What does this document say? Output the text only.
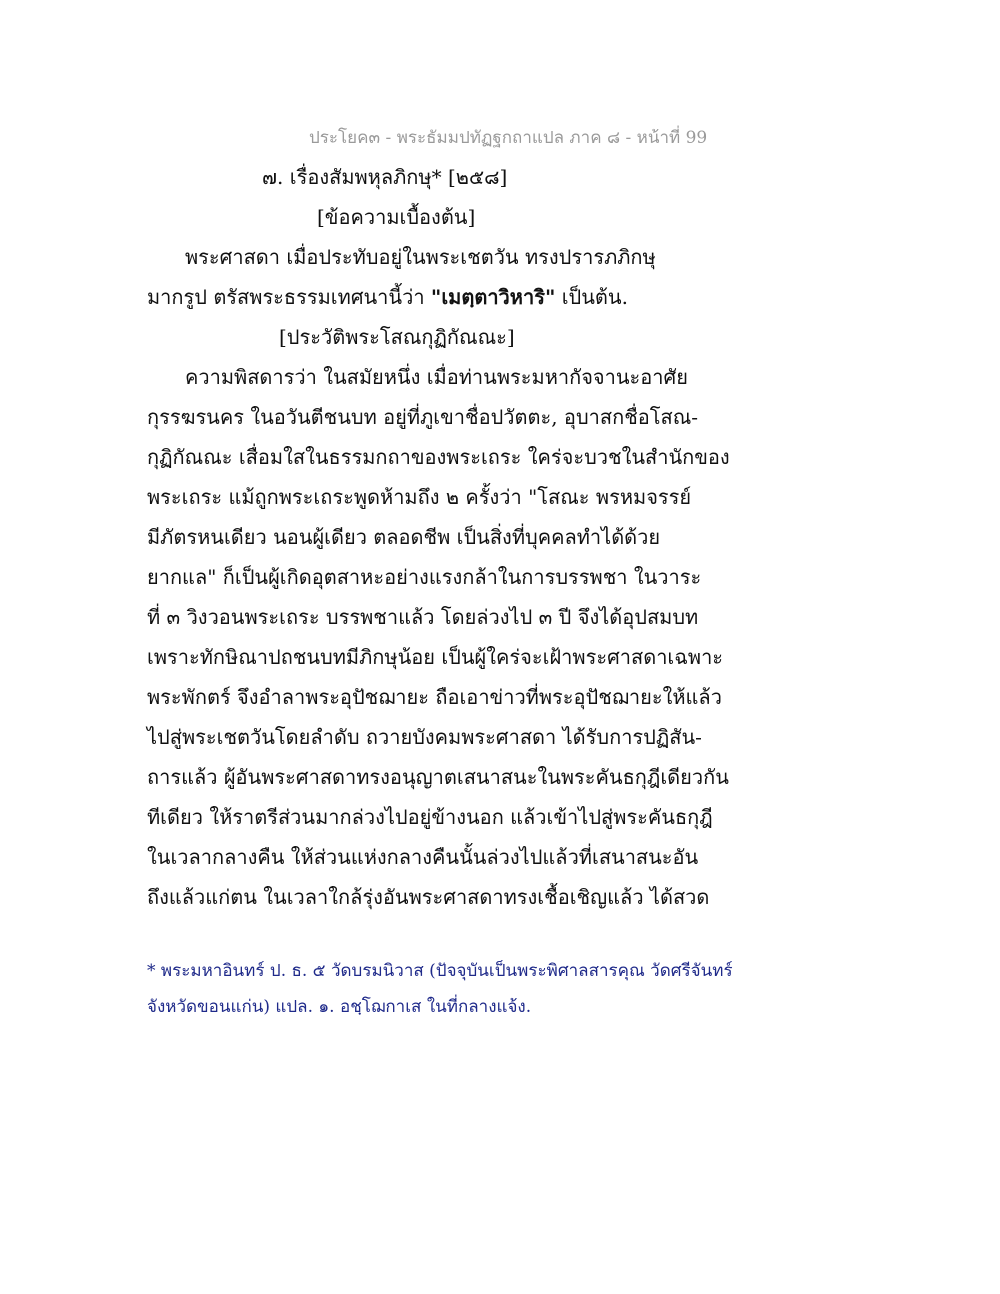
ประโยค๓ - พระธัมมปทัฏฐกถาแปล ภาค ๘ - หน้าที่ 99
๗. เรื่องสัมพหุลภิกษุ* [๒๕๘]
[ข้อความเบื้องต้น]
พระศาสดา เมื่อประทับอยู่ในพระเชตวัน ทรงปรารภภิกษุ
มากรูป ตรัสพระธรรมเทศนานี้ว่า "เมตฺตาวิหาริ" เป็นต้น.
[ประวัติพระโสณกุฏิกัณณะ]
ความพิสดารว่า ในสมัยหนึ่ง เมื่อท่านพระมหากัจจานะอาศัย
กุรรฆรนคร ในอวันตีชนบท อยู่ที่ภูเขาชื่อปวัตตะ, อุบาสกชื่อโสณ-
กุฏิกัณณะ เสื่อมใสในธรรมกถาของพระเถระ ใคร่จะบวชในสำนักของ
พระเถระ แม้ถูกพระเถระพูดห้ามถึง ๒ ครั้งว่า "โสณะ พรหมจรรย์
มีภัตรหนเดียว นอนผู้เดียว ตลอดชีพ เป็นสิ่งที่บุคคลทำได้ด้วย
ยากแล" ก็เป็นผู้เกิดอุตสาหะอย่างแรงกล้าในการบรรพชา ในวาระ
ที่ ๓ วิงวอนพระเถระ บรรพชาแล้ว โดยล่วงไป ๓ ปี จึงได้อุปสมบท
เพราะทักษิณาปถชนบทมีภิกษุน้อย เป็นผู้ใคร่จะเฝ้าพระศาสดาเฉพาะ
พระพักตร์ จึงอำลาพระอุปัชฌายะ ถือเอาข่าวที่พระอุปัชฌายะให้แล้ว
ไปสู่พระเชตวันโดยลำดับ ถวายบังคมพระศาสดา ได้รับการปฏิสัน-
ถารแล้ว ผู้อันพระศาสดาทรงอนุญาตเสนาสนะในพระคันธกุฎีเดียวกัน
ทีเดียว ให้ราตรีส่วนมากล่วงไปอยู่ข้างนอก แล้วเข้าไปสู่พระคันธกุฎี
ในเวลากลางคืน ให้ส่วนแห่งกลางคืนนั้นล่วงไปแล้วที่เสนาสนะอัน
ถึงแล้วแก่ตน ในเวลาใกล้รุ่งอันพระศาสดาทรงเชื้อเชิญแล้ว ได้สวด
* พระมหาอินทร์ ป. ธ. ๕ วัดบรมนิวาส (ปัจจุบันเป็นพระพิศาลสารคุณ วัดศรีจันทร์
จังหวัดขอนแก่น) แปล. ๑. อชฺโฌกาเส ในที่กลางแจ้ง.
